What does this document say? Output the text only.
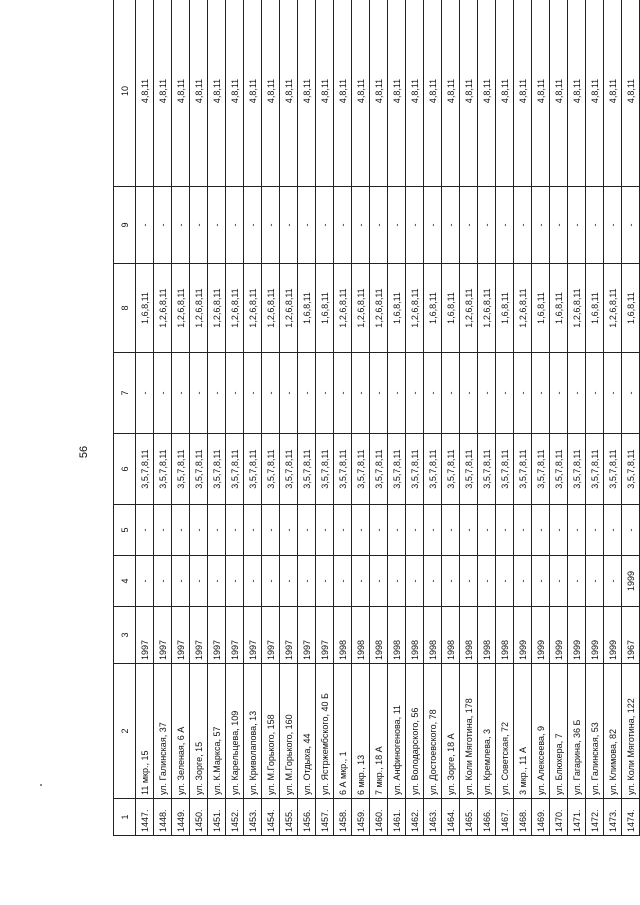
56
1	2	3	4	5	6	7	8	9	10
1447.	11 мкр., 15	1997	-	-	3,5,7,8,11	-	1,6,8,11	-	4,8,11
1448.	ул. Галинская, 37	1997	-	-	3,5,7,8,11	-	1,2,6,8,11	-	4,8,11
1449.	ул. Зеленая, 6 А	1997	-	-	3,5,7,8,11	-	1,2,6,8,11	-	4,8,11
1450.	ул. Зорге, 15	1997	-	-	3,5,7,8,11	-	1,2,6,8,11	-	4,8,11
1451.	ул. К.Маркса, 57	1997	-	-	3,5,7,8,11	-	1,2,6,8,11	-	4,8,11
1452.	ул. Карельцева, 109	1997	-	-	3,5,7,8,11	-	1,2,6,8,11	-	4,8,11
1453.	ул. Криволапова, 13	1997	-	-	3,5,7,8,11	-	1,2,6,8,11	-	4,8,11
1454.	ул. М.Горького, 158	1997	-	-	3,5,7,8,11	-	1,2,6,8,11	-	4,8,11
1455.	ул. М.Горького, 160	1997	-	-	3,5,7,8,11	-	1,2,6,8,11	-	4,8,11
1456.	ул. Отдыха, 44	1997	-	-	3,5,7,8,11	-	1,6,8,11	-	4,8,11
1457.	ул. Ястржембского, 40 Б	1997	-	-	3,5,7,8,11	-	1,6,8,11	-	4,8,11
1458.	6 А мкр., 1	1998	-	-	3,5,7,8,11	-	1,2,6,8,11	-	4,8,11
1459.	6 мкр., 13	1998	-	-	3,5,7,8,11	-	1,2,6,8,11	-	4,8,11
1460.	7 мкр., 18 А	1998	-	-	3,5,7,8,11	-	1,2,6,8,11	-	4,8,11
1461.	ул. Анфиногенова, 11	1998	-	-	3,5,7,8,11	-	1,6,8,11	-	4,8,11
1462.	ул. Володарского, 56	1998	-	-	3,5,7,8,11	-	1,2,6,8,11	-	4,8,11
1463.	ул. Достоевского, 78	1998	-	-	3,5,7,8,11	-	1,6,8,11	-	4,8,11
1464.	ул. Зорге, 18 А	1998	-	-	3,5,7,8,11	-	1,6,8,11	-	4,8,11
1465.	ул. Коли Мяготина, 178	1998	-	-	3,5,7,8,11	-	1,2,6,8,11	-	4,8,11
1466.	ул. Кремлева, 3	1998	-	-	3,5,7,8,11	-	1,2,6,8,11	-	4,8,11
1467.	ул. Советская, 72	1998	-	-	3,5,7,8,11	-	1,6,8,11	-	4,8,11
1468.	3 мкр., 11 А	1999	-	-	3,5,7,8,11	-	1,2,6,8,11	-	4,8,11
1469.	ул. Алексеева, 9	1999	-	-	3,5,7,8,11	-	1,6,8,11	-	4,8,11
1470.	ул. Блюхера, 7	1999	-	-	3,5,7,8,11	-	1,6,8,11	-	4,8,11
1471.	ул. Гагарина, 36 Б	1999	-	-	3,5,7,8,11	-	1,2,6,8,11	-	4,8,11
1472.	ул. Галинская, 53	1999	-	-	3,5,7,8,11	-	1,6,8,11	-	4,8,11
1473.	ул. Климова, 82	1999	-	-	3,5,7,8,11	-	1,2,6,8,11	-	4,8,11
1474.	ул. Коли Мяготина, 122	1967	1999	-	3,5,7,8,11	-	1,6,8,11	-	4,8,11
